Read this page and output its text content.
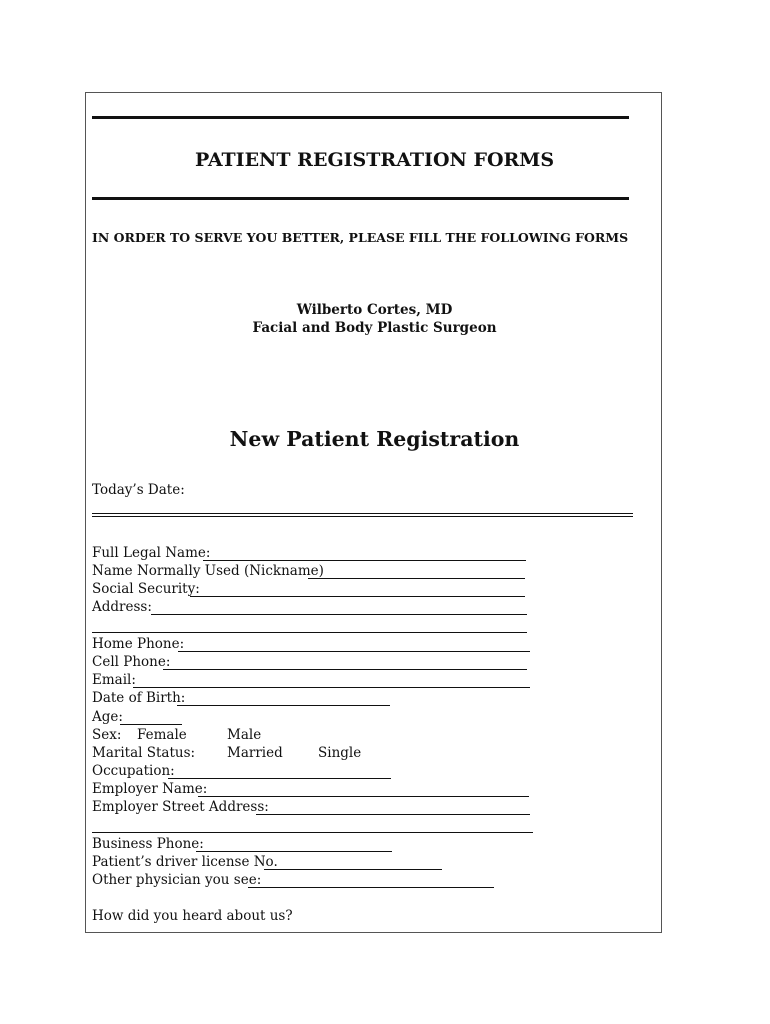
PATIENT REGISTRATION FORMS
IN ORDER TO SERVE YOU BETTER, PLEASE FILL THE FOLLOWING FORMS
Wilberto Cortes, MD
Facial and Body Plastic Surgeon
New Patient Registration
Today’s Date:
Full Legal Name:
Name Normally Used (Nickname)
Social Security:
Address:
Home Phone:
Cell Phone:
Email:
Date of Birth:
Age:
Sex: Female	Male
Marital Status: Married	Single
Occupation:
Employer Name:
Employer Street Address:
Business Phone:
Patient’s driver license No.
Other physician you see:
How did you heard about us?
